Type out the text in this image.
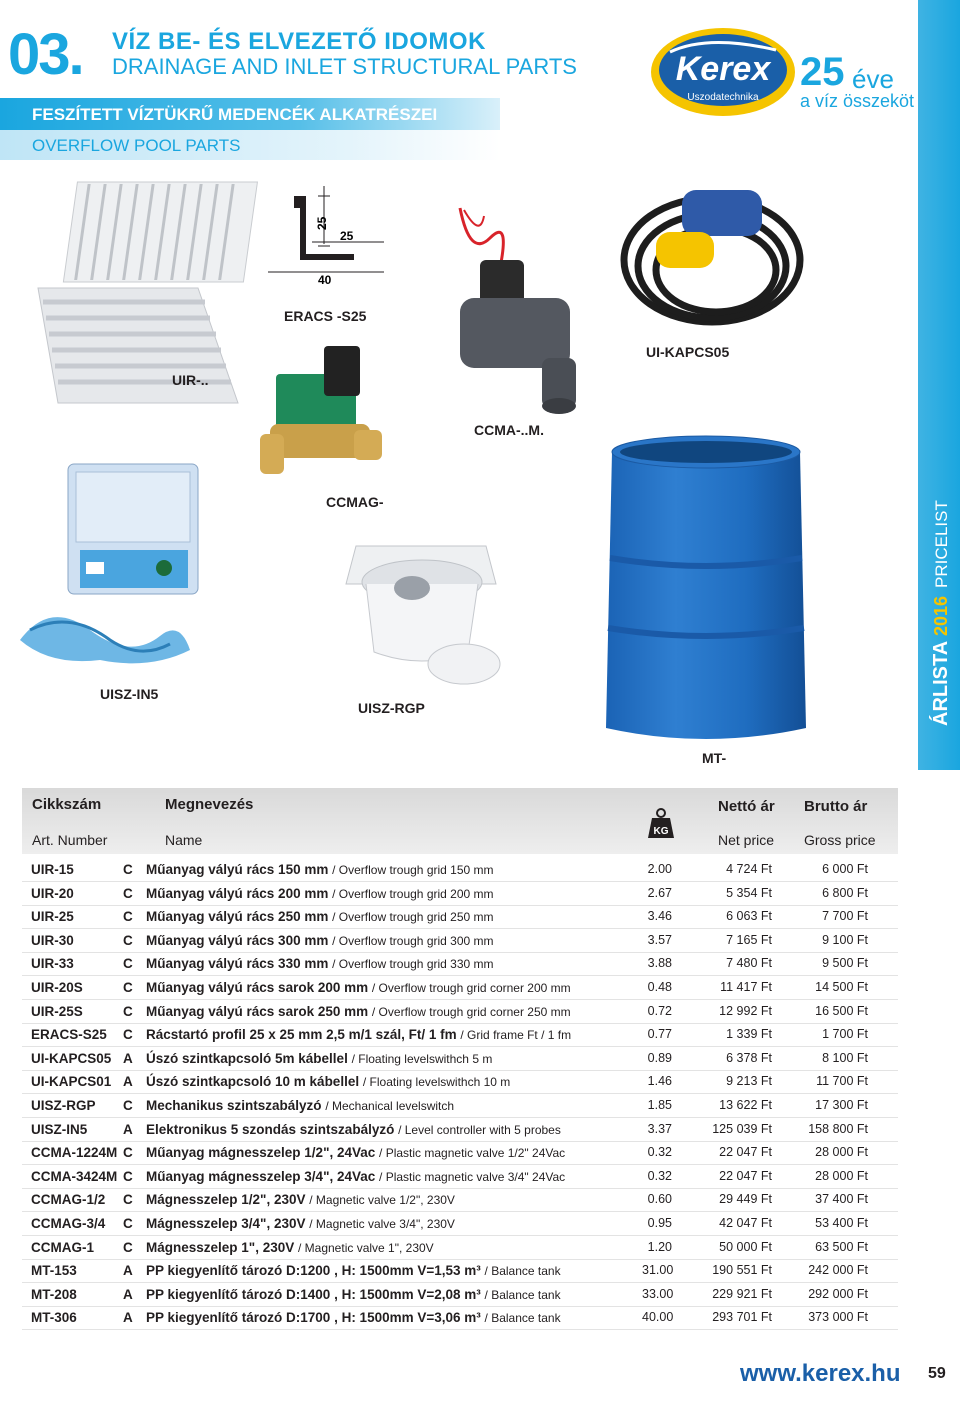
03. VÍZ BE- ÉS ELVEZETŐ IDOMOK
DRAINAGE AND INLET STRUCTURAL PARTS
FESZÍTETT VÍZTÜKRŰ MEDENCÉK ALKATRÉSZEI
OVERFLOW POOL PARTS
Kerex
Uszodatechnika
25 éve
a víz összeköt
ÁRLISTA
2016
PRICELIST
UIR-..
25
25
40
ERACS -S25
CCMA-..M.
CCMAG-
UI-KAPCS05
UISZ-IN5
UISZ-RGP
MT-
Cikkszám
Art. Number
Megnevezés
Name
KG
Nettó ár
Net price
Brutto ár
Gross price
UIR-15	C Műanyag vályú rács 150 mm / Overflow trough grid 150 mm	2.00	4 724 Ft	6 000 Ft
UIR-20	C Műanyag vályú rács 200 mm / Overflow trough grid 200 mm	2.67	5 354 Ft	6 800 Ft
UIR-25	C Műanyag vályú rács 250 mm / Overflow trough grid 250 mm	3.46	6 063 Ft	7 700 Ft
UIR-30	C Műanyag vályú rács 300 mm / Overflow trough grid 300 mm	3.57	7 165 Ft	9 100 Ft
UIR-33	C Műanyag vályú rács 330 mm / Overflow trough grid 330 mm	3.88	7 480 Ft	9 500 Ft
UIR-20S	C Műanyag vályú rács sarok 200 mm / Overflow trough grid corner 200 mm	0.48	11 417 Ft	14 500 Ft
UIR-25S	C Műanyag vályú rács sarok 250 mm / Overflow trough grid corner 250 mm	0.72	12 992 Ft	16 500 Ft
ERACS-S25 C Rácstartó profil 25 x 25 mm 2,5 m/1 szál, Ft/ 1 fm / Grid frame Ft / 1 fm	0.77	1 339 Ft	1 700 Ft
UI-KAPCS05 A Úszó szintkapcsoló 5m kábellel / Floating levelswithch 5 m	0.89	6 378 Ft	8 100 Ft
UI-KAPCS01 A Úszó szintkapcsoló 10 m kábellel / Floating levelswithch 10 m	1.46	9 213 Ft	11 700 Ft
UISZ-RGP C Mechanikus szintszabályzó / Mechanical levelswitch	1.85	13 622 Ft	17 300 Ft
UISZ-IN5	A Elektronikus 5 szondás szintszabályzó / Level controller with 5 probes	3.37	125 039 Ft	158 800 Ft
CCMA-1224M C Műanyag mágnesszelep 1/2", 24Vac / Plastic magnetic valve 1/2" 24Vac	0.32	22 047 Ft	28 000 Ft
CCMA-3424M C Műanyag mágnesszelep 3/4", 24Vac / Plastic magnetic valve 3/4" 24Vac	0.32	22 047 Ft	28 000 Ft
CCMAG-1/2 C Mágnesszelep 1/2", 230V / Magnetic valve 1/2", 230V	0.60	29 449 Ft	37 400 Ft
CCMAG-3/4 C Mágnesszelep 3/4", 230V / Magnetic valve 3/4", 230V	0.95	42 047 Ft	53 400 Ft
CCMAG-1 C Mágnesszelep 1", 230V / Magnetic valve 1", 230V	1.20	50 000 Ft	63 500 Ft
MT-153	A PP kiegyenlítő tározó D:1200 , H: 1500mm V=1,53 m³ / Balance tank	31.00	190 551 Ft	242 000 Ft
MT-208	A PP kiegyenlítő tározó D:1400 , H: 1500mm V=2,08 m³ / Balance tank	33.00	229 921 Ft	292 000 Ft
MT-306	A PP kiegyenlítő tározó D:1700 , H: 1500mm V=3,06 m³ / Balance tank	40.00	293 701 Ft	373 000 Ft
www.kerex.hu 59
